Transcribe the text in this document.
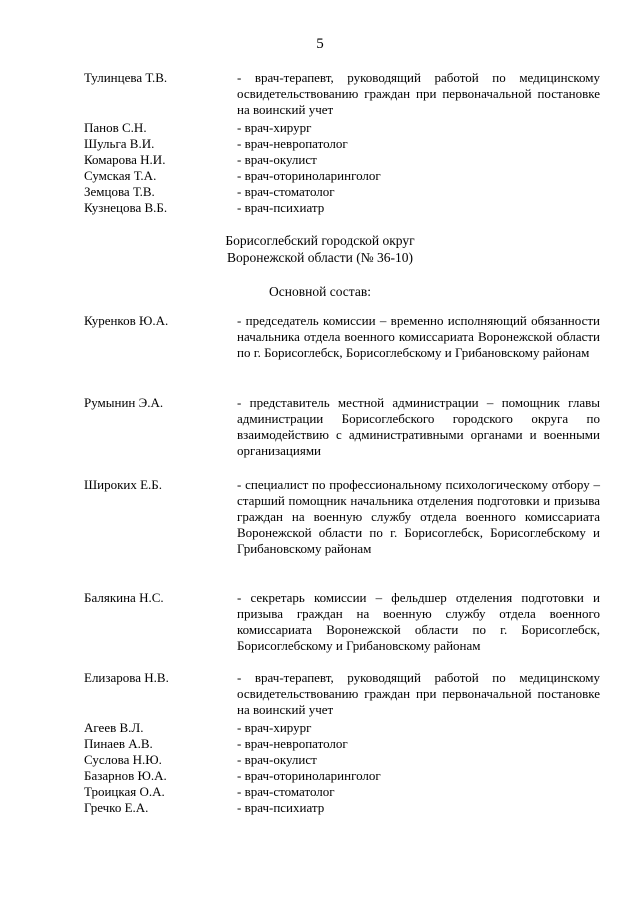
5
Тулинцева Т.В.	- врач-терапевт, руководящий работой по медицинскому освидетельствованию граждан при первоначальной постановке на воинский учет
Панов С.Н.	- врач-хирург
Шульга В.И.	- врач-невропатолог
Комарова Н.И.	- врач-окулист
Сумская Т.А.	- врач-оториноларинголог
Земцова Т.В.	- врач-стоматолог
Кузнецова В.Б.	- врач-психиатр
Борисоглебский городской округ
Воронежской области (№ 36-10)
Основной состав:
Куренков Ю.А.	- председатель комиссии – временно исполняющий обязанности начальника отдела военного комиссариата Воронежской области по г. Борисоглебск, Борисоглебскому и Грибановскому районам
Румынин Э.А.	- представитель местной администрации – помощник главы администрации Борисоглебского городского округа по взаимодействию с административными органами и военными организациями
Широких Е.Б.	- специалист по профессиональному психологическому отбору – старший помощник начальника отделения подготовки и призыва граждан на военную службу отдела военного комиссариата Воронежской области по г. Борисоглебск, Борисоглебскому и Грибановскому районам
Балякина Н.С.	- секретарь комиссии – фельдшер отделения подготовки и призыва граждан на военную службу отдела военного комиссариата Воронежской области по г. Борисоглебск, Борисоглебскому и Грибановскому районам
Елизарова Н.В.	- врач-терапевт, руководящий работой по медицинскому освидетельствованию граждан при первоначальной постановке на воинский учет
Агеев В.Л.	- врач-хирург
Пинаев А.В.	- врач-невропатолог
Суслова Н.Ю.	- врач-окулист
Базарнов Ю.А.	- врач-оториноларинголог
Троицкая О.А.	- врач-стоматолог
Гречко Е.А.	- врач-психиатр
